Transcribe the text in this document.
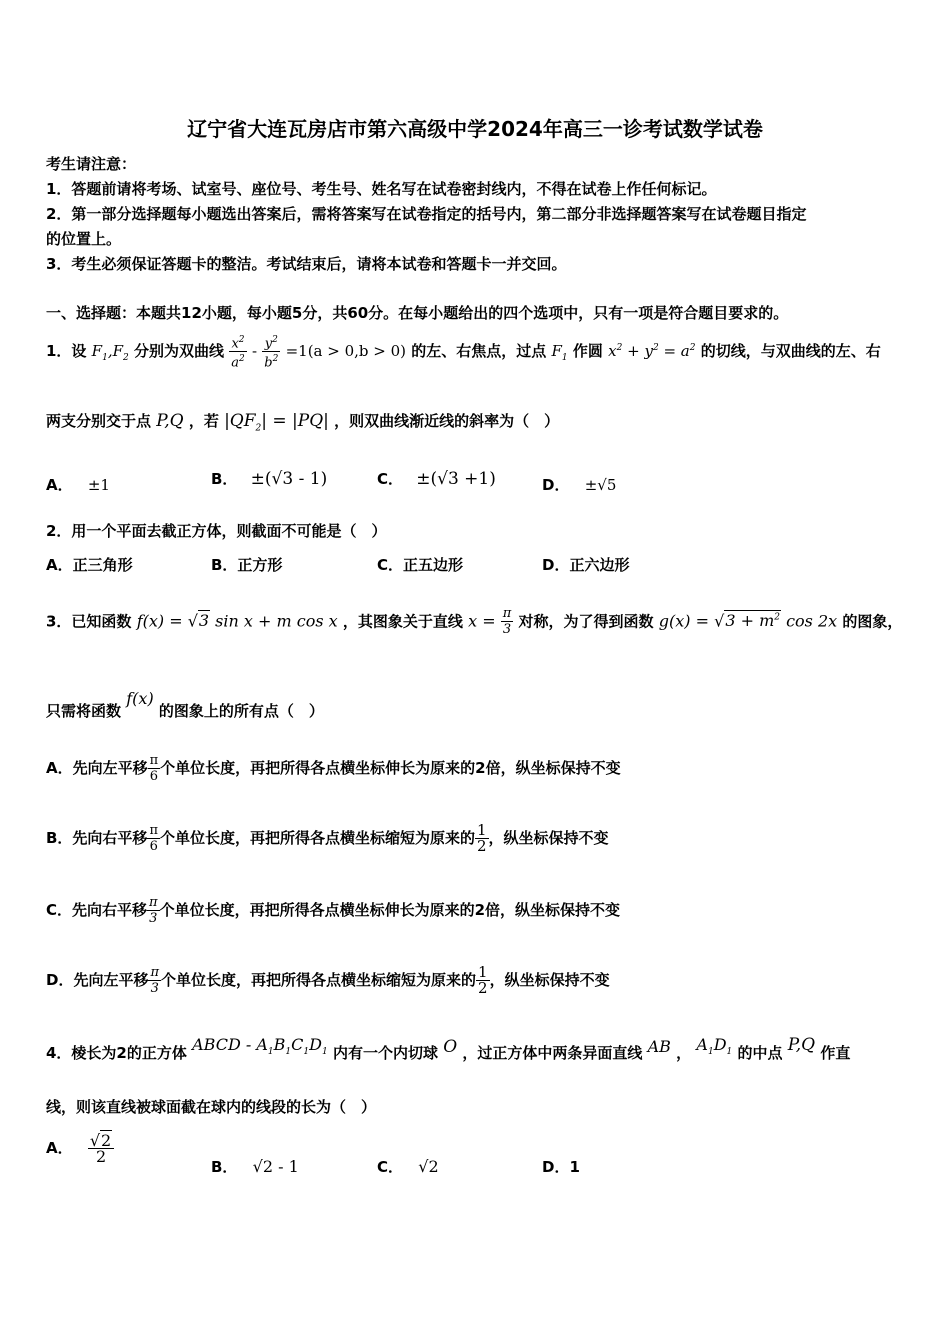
辽宁省大连瓦房店市第六高级中学2024年高三一诊考试数学试卷
考生请注意：
1．答题前请将考场、试室号、座位号、考生号、姓名写在试卷密封线内，不得在试卷上作任何标记。
2．第一部分选择题每小题选出答案后，需将答案写在试卷指定的括号内，第二部分非选择题答案写在试卷题目指定
的位置上。
3．考生必须保证答题卡的整洁。考试结束后，请将本试卷和答题卡一并交回。
一、选择题：本题共12小题，每小题5分，共60分。在每小题给出的四个选项中，只有一项是符合题目要求的。
1．设 $F_1,F_2$ 分别为双曲线 $\frac{x^2}{a^2} - \frac{y^2}{b^2} =1(a > 0,b > 0)$ 的左、右焦点，过点 $F_1$ 作圆 $x^2 + y^2 = a^2$ 的切线，与双曲线的左、右
两支分别交于点 P,Q ，若 $|QF_2| = |PQ|$ ，则双曲线渐近线的斜率为（　）
A． ±1	B． ±(√3 - 1)	C． ±(√3 +1)	D． ±√5
2．用一个平面去截正方体，则截面不可能是（　）
A．正三角形	B．正方形	C．正五边形	D．正六边形
3．已知函数 f(x) = √3 sin x + m cos x ，其图象关于直线 $x = \frac{\pi}{3}$ 对称，为了得到函数 $g(x) = √3 + m^2$ cos 2x 的图象，
只需将函数 f(x) 的图象上的所有点（　）
A．先向左平移 $\frac{\pi}{6}$ 个单位长度，再把所得各点横坐标伸长为原来的2倍，纵坐标保持不变
B．先向右平移 $\frac{\pi}{6}$ 个单位长度，再把所得各点横坐标缩短为原来的 $\frac{1}{2}$ ，纵坐标保持不变
C．先向右平移 $\frac{\pi}{3}$ 个单位长度，再把所得各点横坐标伸长为原来的2倍，纵坐标保持不变
D．先向左平移 $\frac{\pi}{3}$ 个单位长度，再把所得各点横坐标缩短为原来的 $\frac{1}{2}$ ，纵坐标保持不变
4．棱长为2的正方体 ABCD - $A_1B_1C_1D_1$ 内有一个内切球 O ，过正方体中两条异面直线 AB ， $A_1D_1$ 的中点 P,Q 作直
线，则该直线被球面截在球内的线段的长为（　）
A． $\frac{√2}{2}$
B． √2 - 1	C． √2	D．1
